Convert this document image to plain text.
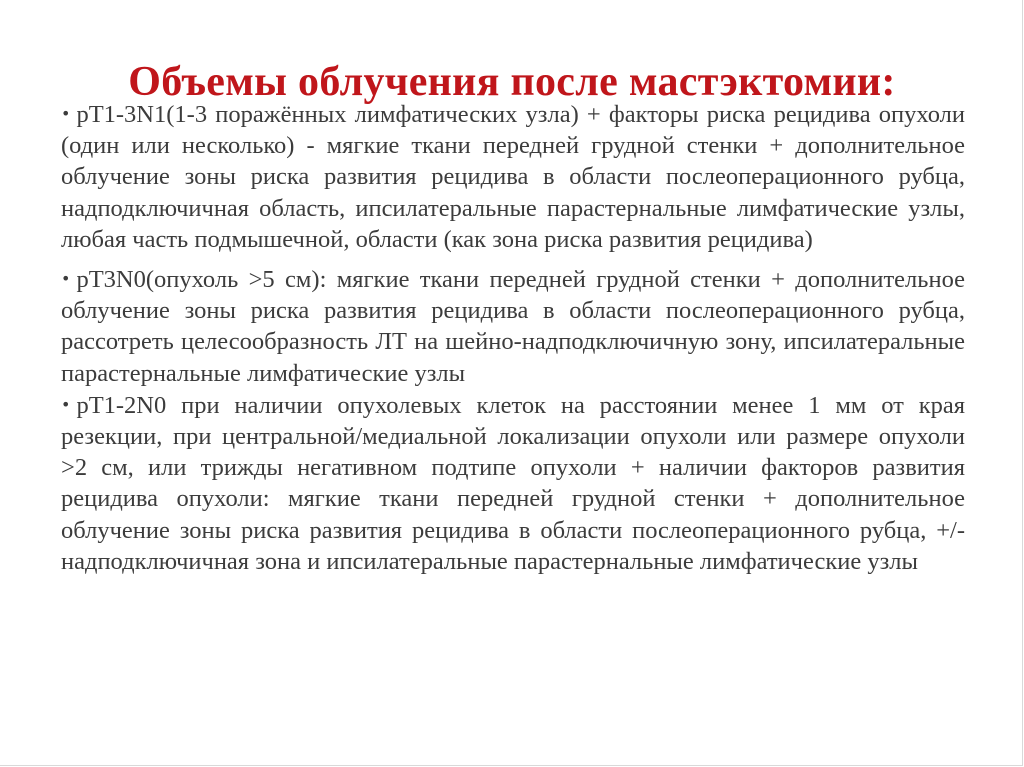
Объемы облучения после мастэктомии:

• pT1-3N1(1-3 поражённых лимфатических узла) + факторы риска рецидива опухоли (один или несколько) - мягкие ткани передней грудной стенки + дополнительное облучение зоны риска развития рецидива в области послеоперационного рубца, надподключичная область, ипсилатеральные парастернальные лимфатические узлы, любая часть подмышечной, области (как зона риска развития рецидива)

• pT3N0(опухоль >5 см): мягкие ткани передней грудной стенки + дополнительное облучение зоны риска развития рецидива в области послеоперационного рубца, рассотреть целесообразность ЛТ на шейно-надподключичную зону, ипсилатеральные парастернальные лимфатические узлы

• pT1-2N0 при наличии опухолевых клеток на расстоянии менее 1 мм от края резекции, при центральной/медиальной локализации опухоли или размере опухоли >2 см, или трижды негативном подтипе опухоли + наличии факторов развития рецидива опухоли: мягкие ткани передней грудной стенки + дополнительное облучение зоны риска развития рецидива в области послеоперационного рубца, +/- надподключичная зона и ипсилатеральные парастернальные лимфатические узлы
